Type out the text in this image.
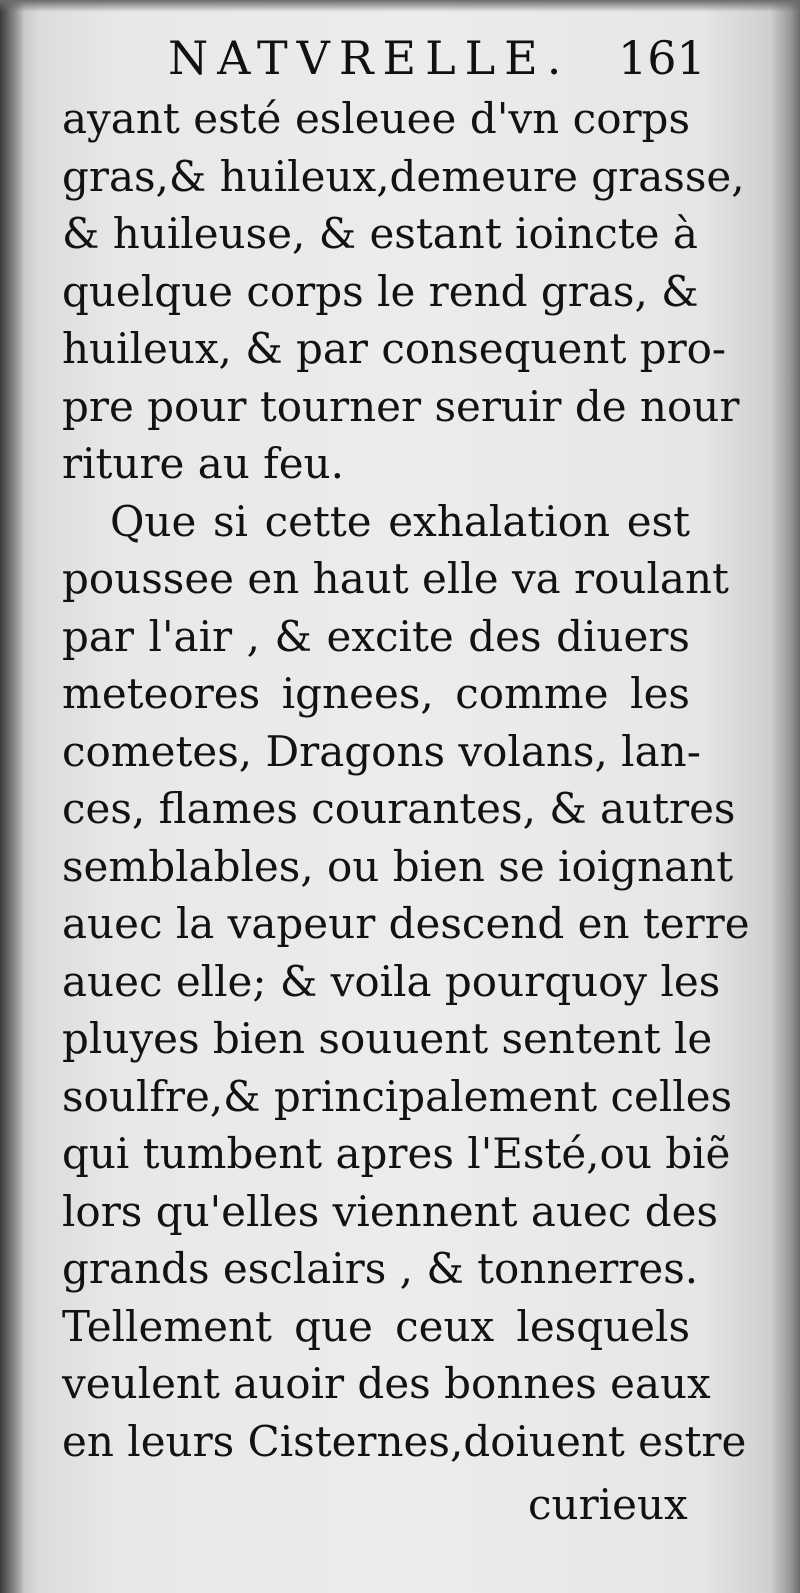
NATVRELLE. 161
ayant esté esleuee d'vn corps
gras,& huileux,demeure grasse,
& huileuse, & estant ioincte à
quelque corps le rend gras, &
huileux, & par consequent pro-
pre pour tourner seruir de nour
riture au feu.
Que si cette exhalation est
poussee en haut elle va roulant
par l'air , & excite des diuers
meteores ignees, comme les
cometes, Dragons volans, lan-
ces, flames courantes, & autres
semblables, ou bien se ioignant
auec la vapeur descend en terre
auec elle; & voila pourquoy les
pluyes bien souuent sentent le
soulfre,& principalement celles
qui tumbent apres l'Esté,ou biẽ
lors qu'elles viennent auec des
grands esclairs , & tonnerres.
Tellement que ceux lesquels
veulent auoir des bonnes eaux
en leurs Cisternes,doiuent estre
curieux
